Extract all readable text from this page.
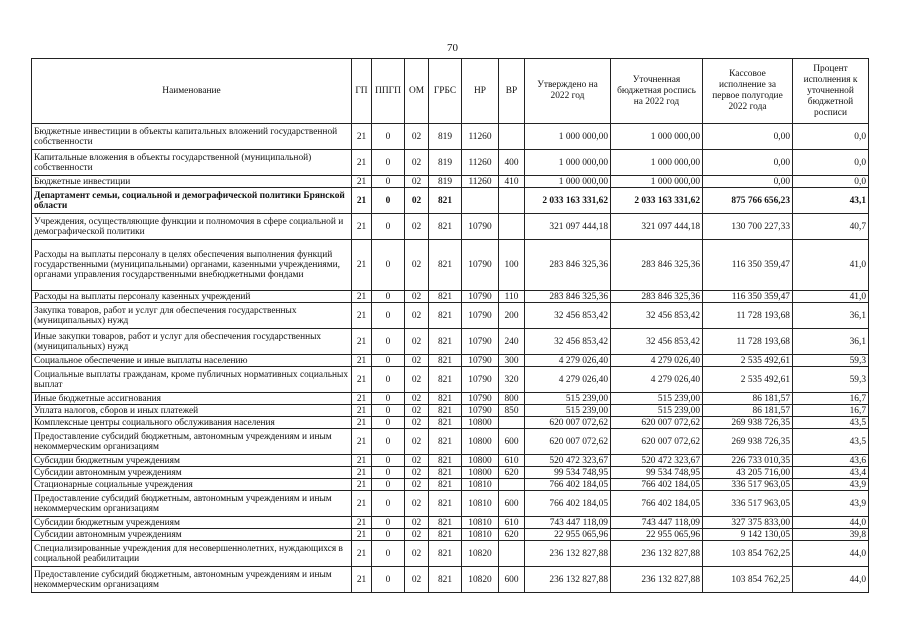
70
Наименование	ГП	ППГП	ОМ	ГРБС	НР	ВР	Утверждено на 2022 год	Уточненная бюджетная роспись на 2022 год	Кассовое исполнение за первое полугодие 2022 года	Процент исполнения к уточненной бюджетной росписи
Бюджетные инвестиции в объекты капитальных вложений государственной собственности	21	0	02	819	11260		1 000 000,00	1 000 000,00	0,00	0,0
Капитальные вложения в объекты государственной (муниципальной) собственности	21	0	02	819	11260	400	1 000 000,00	1 000 000,00	0,00	0,0
Бюджетные инвестиции	21	0	02	819	11260	410	1 000 000,00	1 000 000,00	0,00	0,0
Департамент семьи, социальной и демографической политики Брянской области	21	0	02	821			2 033 163 331,62	2 033 163 331,62	875 766 656,23	43,1
Учреждения, осуществляющие функции и полномочия в сфере социальной и демографической политики	21	0	02	821	10790		321 097 444,18	321 097 444,18	130 700 227,33	40,7
Расходы на выплаты персоналу в целях обеспечения выполнения функций государственными (муниципальными) органами, казенными учреждениями, органами управления государственными внебюджетными фондами	21	0	02	821	10790	100	283 846 325,36	283 846 325,36	116 350 359,47	41,0
Расходы на выплаты персоналу казенных учреждений	21	0	02	821	10790	110	283 846 325,36	283 846 325,36	116 350 359,47	41,0
Закупка товаров, работ и услуг для обеспечения государственных (муниципальных) нужд	21	0	02	821	10790	200	32 456 853,42	32 456 853,42	11 728 193,68	36,1
Иные закупки товаров, работ и услуг для обеспечения государственных (муниципальных) нужд	21	0	02	821	10790	240	32 456 853,42	32 456 853,42	11 728 193,68	36,1
Социальное обеспечение и иные выплаты населению	21	0	02	821	10790	300	4 279 026,40	4 279 026,40	2 535 492,61	59,3
Социальные выплаты гражданам, кроме публичных нормативных социальных выплат	21	0	02	821	10790	320	4 279 026,40	4 279 026,40	2 535 492,61	59,3
Иные бюджетные ассигнования	21	0	02	821	10790	800	515 239,00	515 239,00	86 181,57	16,7
Уплата налогов, сборов и иных платежей	21	0	02	821	10790	850	515 239,00	515 239,00	86 181,57	16,7
Комплексные центры социального обслуживания населения	21	0	02	821	10800		620 007 072,62	620 007 072,62	269 938 726,35	43,5
Предоставление субсидий бюджетным, автономным учреждениям и иным некоммерческим организациям	21	0	02	821	10800	600	620 007 072,62	620 007 072,62	269 938 726,35	43,5
Субсидии бюджетным учреждениям	21	0	02	821	10800	610	520 472 323,67	520 472 323,67	226 733 010,35	43,6
Субсидии автономным учреждениям	21	0	02	821	10800	620	99 534 748,95	99 534 748,95	43 205 716,00	43,4
Стационарные социальные учреждения	21	0	02	821	10810		766 402 184,05	766 402 184,05	336 517 963,05	43,9
Предоставление субсидий бюджетным, автономным учреждениям и иным некоммерческим организациям	21	0	02	821	10810	600	766 402 184,05	766 402 184,05	336 517 963,05	43,9
Субсидии бюджетным учреждениям	21	0	02	821	10810	610	743 447 118,09	743 447 118,09	327 375 833,00	44,0
Субсидии автономным учреждениям	21	0	02	821	10810	620	22 955 065,96	22 955 065,96	9 142 130,05	39,8
Специализированные учреждения для несовершеннолетних, нуждающихся в социальной реабилитации	21	0	02	821	10820		236 132 827,88	236 132 827,88	103 854 762,25	44,0
Предоставление субсидий бюджетным, автономным учреждениям и иным некоммерческим организациям	21	0	02	821	10820	600	236 132 827,88	236 132 827,88	103 854 762,25	44,0
